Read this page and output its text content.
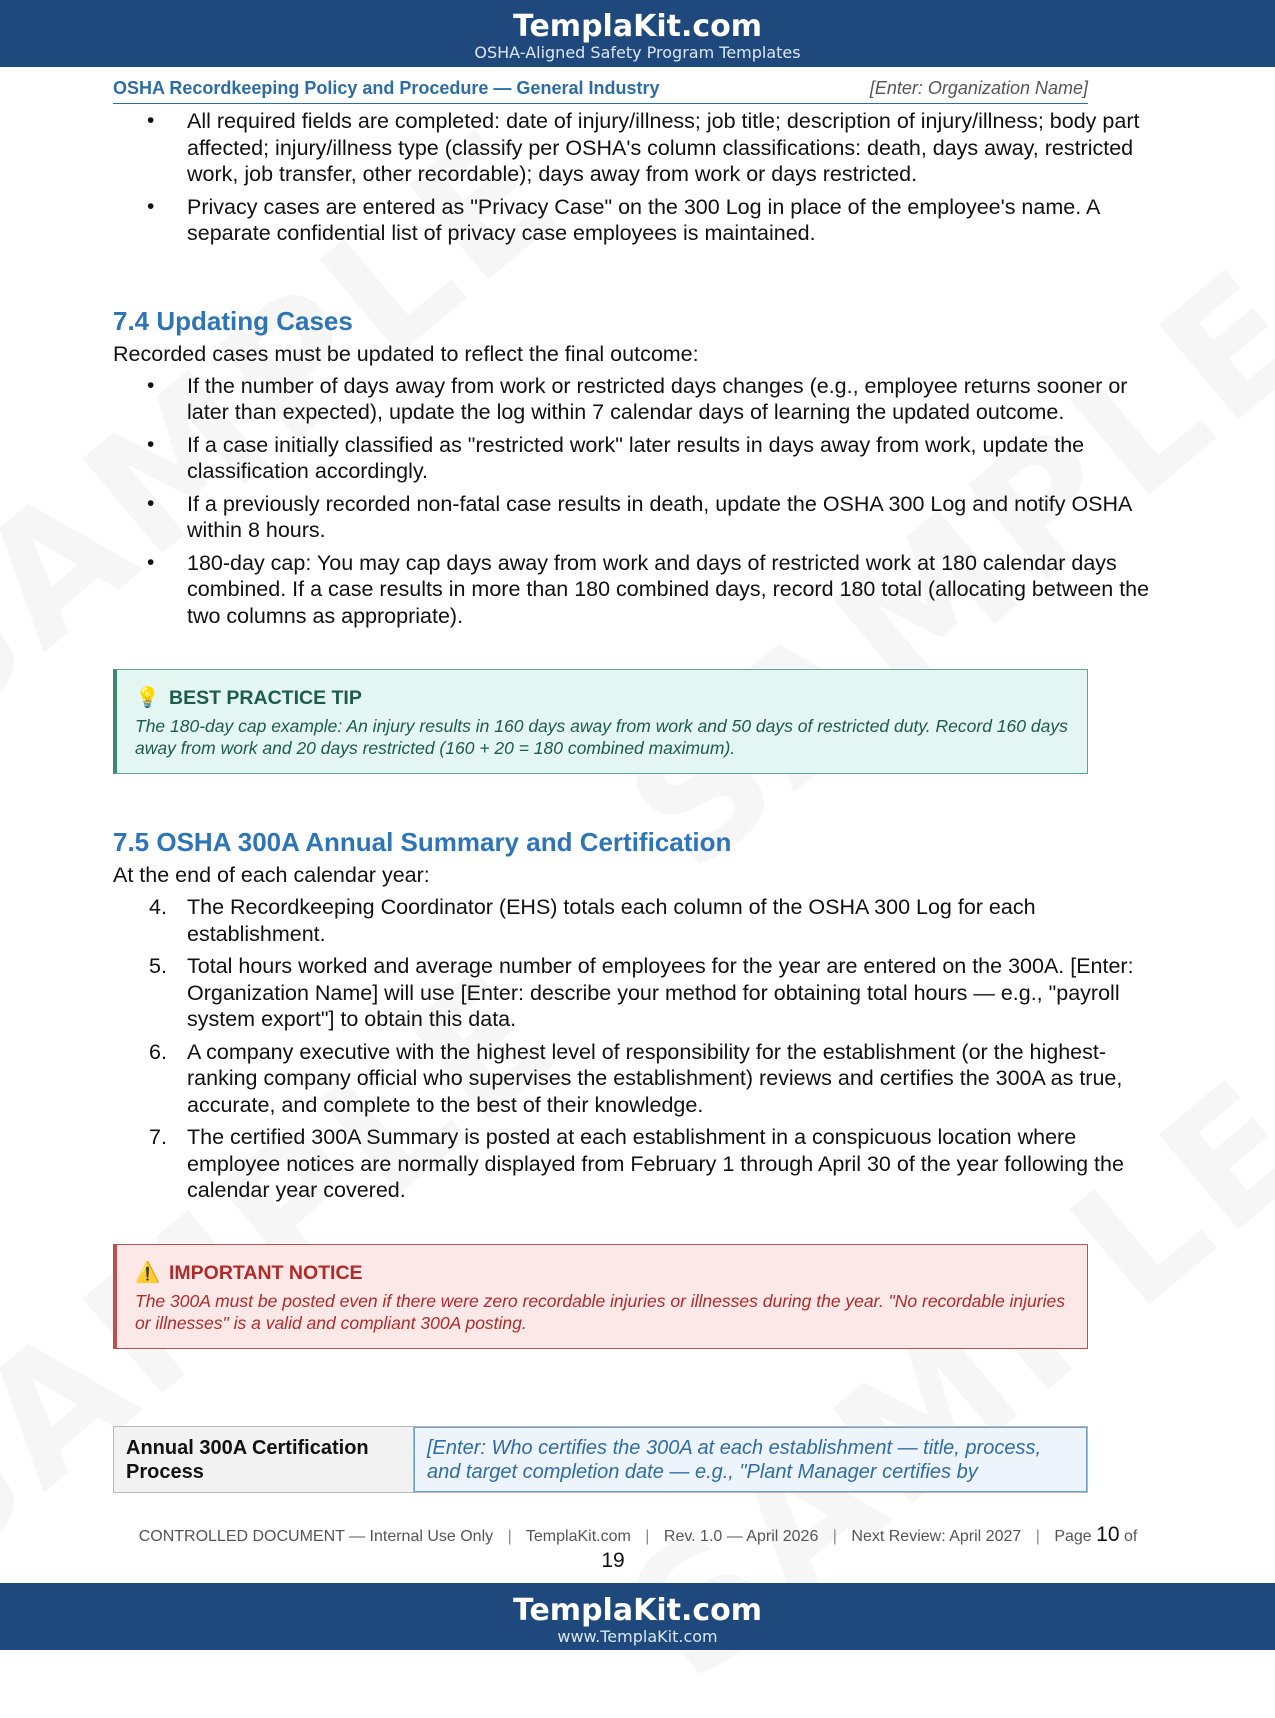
TemplaKit.com
OSHA-Aligned Safety Program Templates
OSHA Recordkeeping Policy and Procedure — General Industry	[Enter: Organization Name]
• All required fields are completed: date of injury/illness; job title; description of injury/illness; body part affected; injury/illness type (classify per OSHA's column classifications: death, days away, restricted work, job transfer, other recordable); days away from work or days restricted.
• Privacy cases are entered as "Privacy Case" on the 300 Log in place of the employee's name. A separate confidential list of privacy case employees is maintained.
7.4 Updating Cases
Recorded cases must be updated to reflect the final outcome:
• If the number of days away from work or restricted days changes (e.g., employee returns sooner or later than expected), update the log within 7 calendar days of learning the updated outcome.
• If a case initially classified as "restricted work" later results in days away from work, update the classification accordingly.
• If a previously recorded non-fatal case results in death, update the OSHA 300 Log and notify OSHA within 8 hours.
• 180-day cap: You may cap days away from work and days of restricted work at 180 calendar days combined. If a case results in more than 180 combined days, record 180 total (allocating between the two columns as appropriate).
💡 BEST PRACTICE TIP
The 180-day cap example: An injury results in 160 days away from work and 50 days of restricted duty. Record 160 days away from work and 20 days restricted (160 + 20 = 180 combined maximum).
7.5 OSHA 300A Annual Summary and Certification
At the end of each calendar year:
4. The Recordkeeping Coordinator (EHS) totals each column of the OSHA 300 Log for each establishment.
5. Total hours worked and average number of employees for the year are entered on the 300A. [Enter: Organization Name] will use [Enter: describe your method for obtaining total hours — e.g., "payroll system export"] to obtain this data.
6. A company executive with the highest level of responsibility for the establishment (or the highest-ranking company official who supervises the establishment) reviews and certifies the 300A as true, accurate, and complete to the best of their knowledge.
7. The certified 300A Summary is posted at each establishment in a conspicuous location where employee notices are normally displayed from February 1 through April 30 of the year following the calendar year covered.
⚠️ IMPORTANT NOTICE
The 300A must be posted even if there were zero recordable injuries or illnesses during the year. "No recordable injuries or illnesses" is a valid and compliant 300A posting.
Annual 300A Certification Process
[Enter: Who certifies the 300A at each establishment — title, process, and target completion date — e.g., "Plant Manager certifies by
CONTROLLED DOCUMENT — Internal Use Only | TemplaKit.com | Rev. 1.0 — April 2026 | Next Review: April 2027 | Page 10 of
19
TemplaKit.com
www.TemplaKit.com
